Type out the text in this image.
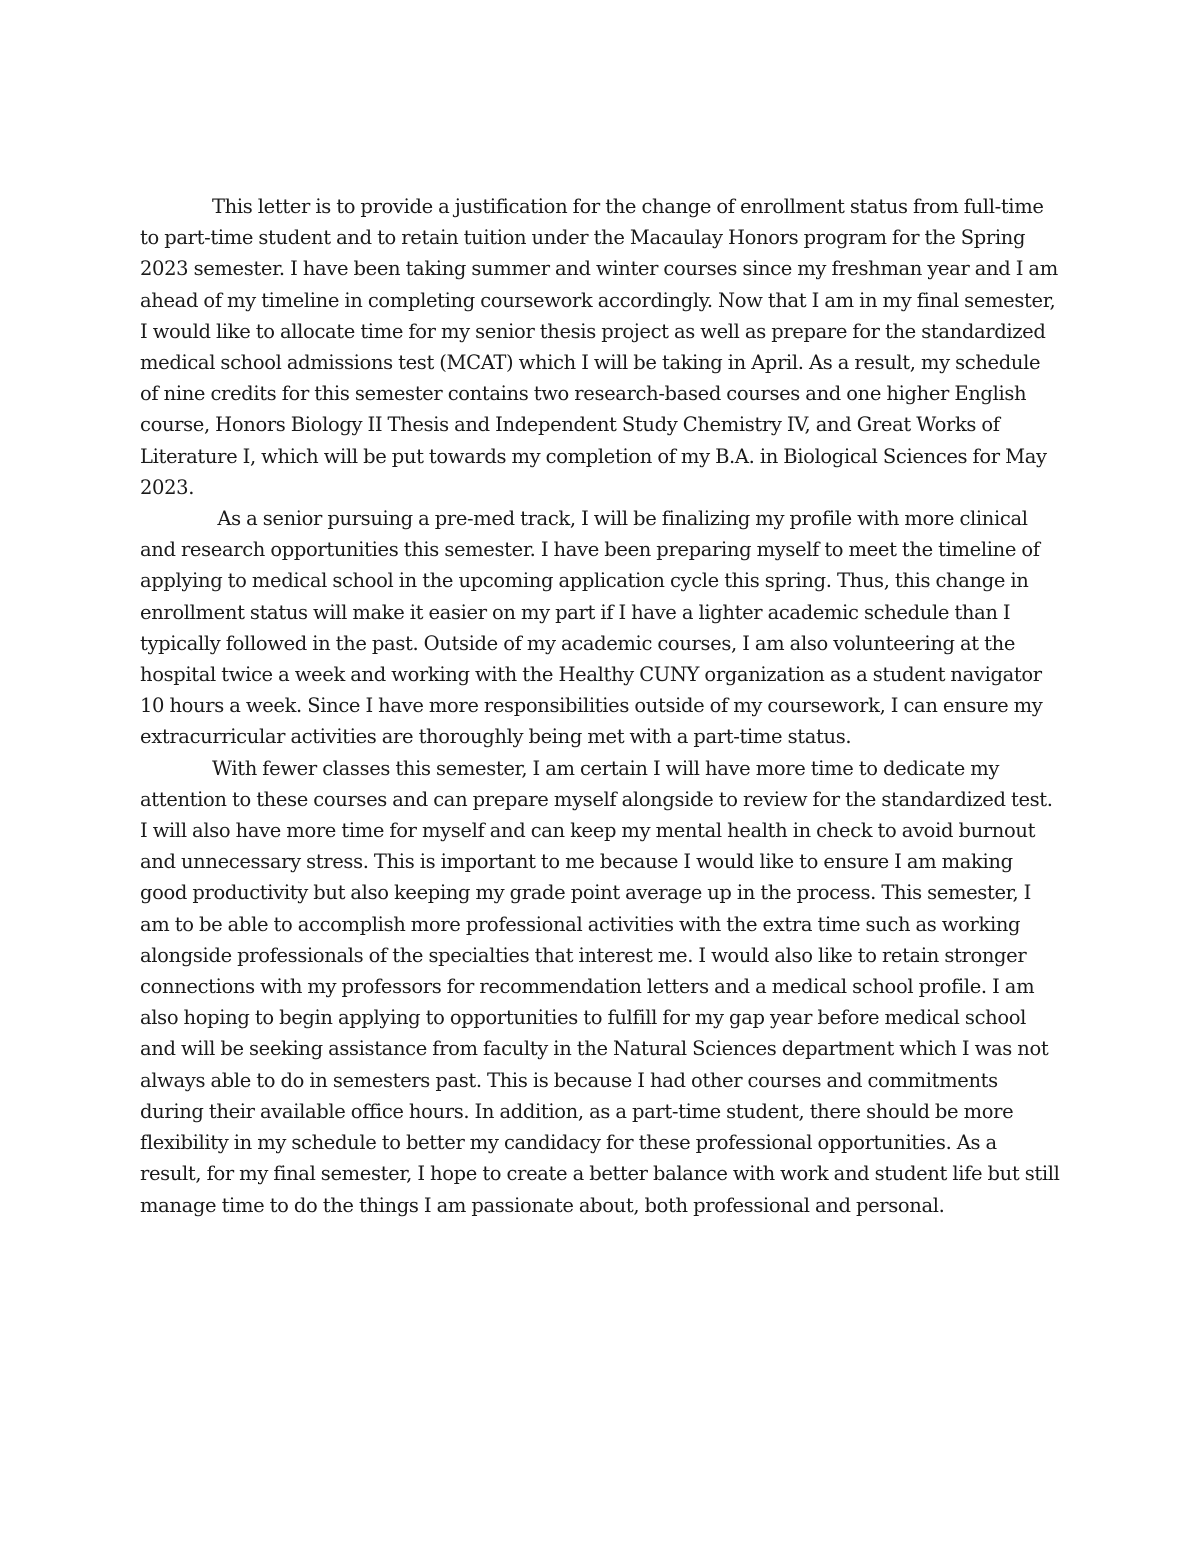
This letter is to provide a justification for the change of enrollment status from full-time to part-time student and to retain tuition under the Macaulay Honors program for the Spring 2023 semester. I have been taking summer and winter courses since my freshman year and I am ahead of my timeline in completing coursework accordingly. Now that I am in my final semester, I would like to allocate time for my senior thesis project as well as prepare for the standardized medical school admissions test (MCAT) which I will be taking in April. As a result, my schedule of nine credits for this semester contains two research-based courses and one higher English course, Honors Biology II Thesis and Independent Study Chemistry IV, and Great Works of Literature I, which will be put towards my completion of my B.A. in Biological Sciences for May 2023.

As a senior pursuing a pre-med track, I will be finalizing my profile with more clinical and research opportunities this semester. I have been preparing myself to meet the timeline of applying to medical school in the upcoming application cycle this spring. Thus, this change in enrollment status will make it easier on my part if I have a lighter academic schedule than I typically followed in the past. Outside of my academic courses, I am also volunteering at the hospital twice a week and working with the Healthy CUNY organization as a student navigator 10 hours a week. Since I have more responsibilities outside of my coursework, I can ensure my extracurricular activities are thoroughly being met with a part-time status.

With fewer classes this semester, I am certain I will have more time to dedicate my attention to these courses and can prepare myself alongside to review for the standardized test. I will also have more time for myself and can keep my mental health in check to avoid burnout and unnecessary stress. This is important to me because I would like to ensure I am making good productivity but also keeping my grade point average up in the process. This semester, I am to be able to accomplish more professional activities with the extra time such as working alongside professionals of the specialties that interest me. I would also like to retain stronger connections with my professors for recommendation letters and a medical school profile. I am also hoping to begin applying to opportunities to fulfill for my gap year before medical school and will be seeking assistance from faculty in the Natural Sciences department which I was not always able to do in semesters past. This is because I had other courses and commitments during their available office hours. In addition, as a part-time student, there should be more flexibility in my schedule to better my candidacy for these professional opportunities. As a result, for my final semester, I hope to create a better balance with work and student life but still manage time to do the things I am passionate about, both professional and personal.
